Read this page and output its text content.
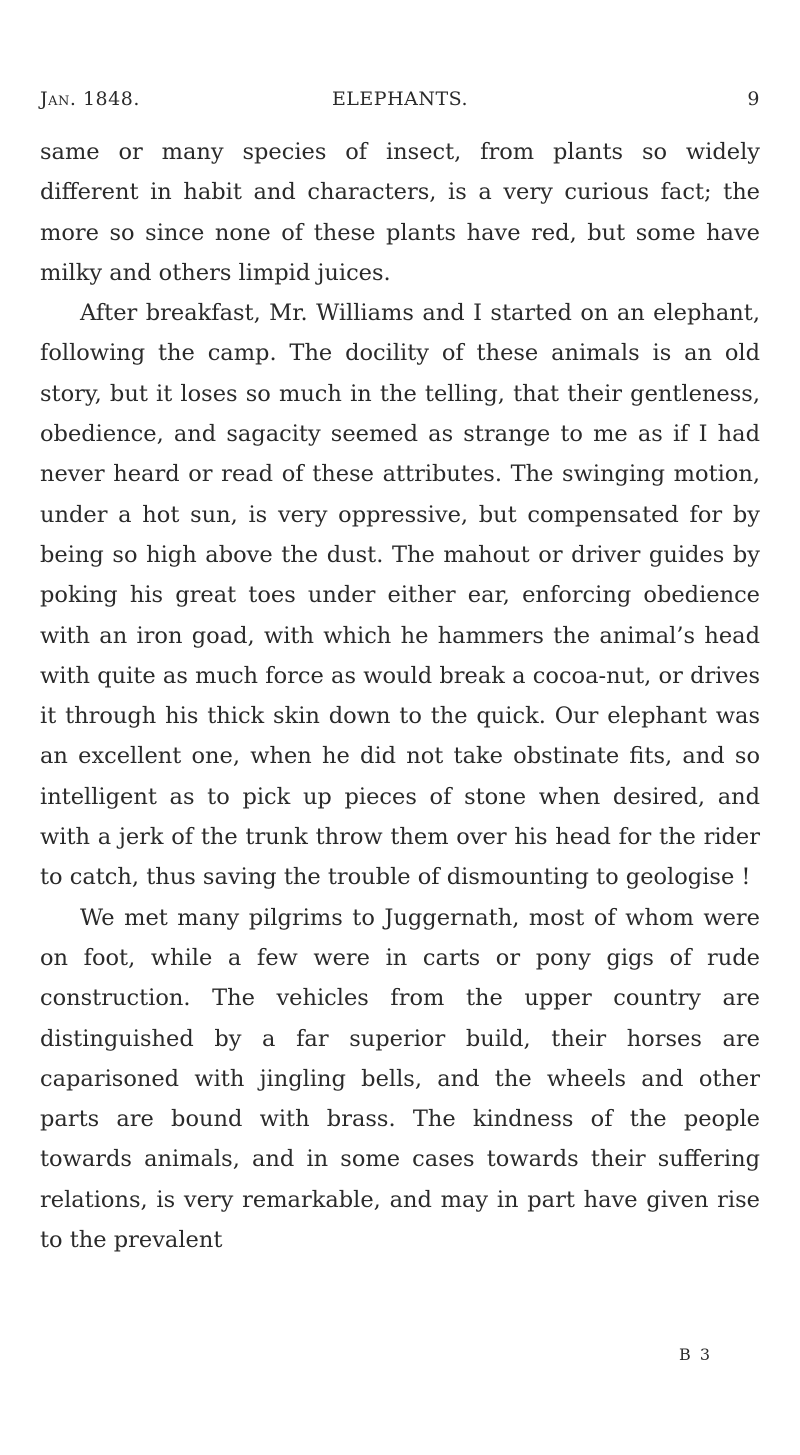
Jan. 1848.	ELEPHANTS.	9

same or many species of insect, from plants so widely different in habit and characters, is a very curious fact; the more so since none of these plants have red, but some have milky and others limpid juices.

After breakfast, Mr. Williams and I started on an elephant, following the camp. The docility of these animals is an old story, but it loses so much in the telling, that their gentleness, obedience, and sagacity seemed as strange to me as if I had never heard or read of these attributes. The swinging motion, under a hot sun, is very oppressive, but compensated for by being so high above the dust. The mahout or driver guides by poking his great toes under either ear, enforcing obedience with an iron goad, with which he hammers the animal’s head with quite as much force as would break a cocoa-nut, or drives it through his thick skin down to the quick. Our elephant was an excellent one, when he did not take obstinate fits, and so intelligent as to pick up pieces of stone when desired, and with a jerk of the trunk throw them over his head for the rider to catch, thus saving the trouble of dismounting to geologise !

We met many pilgrims to Juggernath, most of whom were on foot, while a few were in carts or pony gigs of rude construction. The vehicles from the upper country are distinguished by a far superior build, their horses are caparisoned with jingling bells, and the wheels and other parts are bound with brass. The kindness of the people towards animals, and in some cases towards their suffering relations, is very remarkable, and may in part have given rise to the prevalent

B 3
